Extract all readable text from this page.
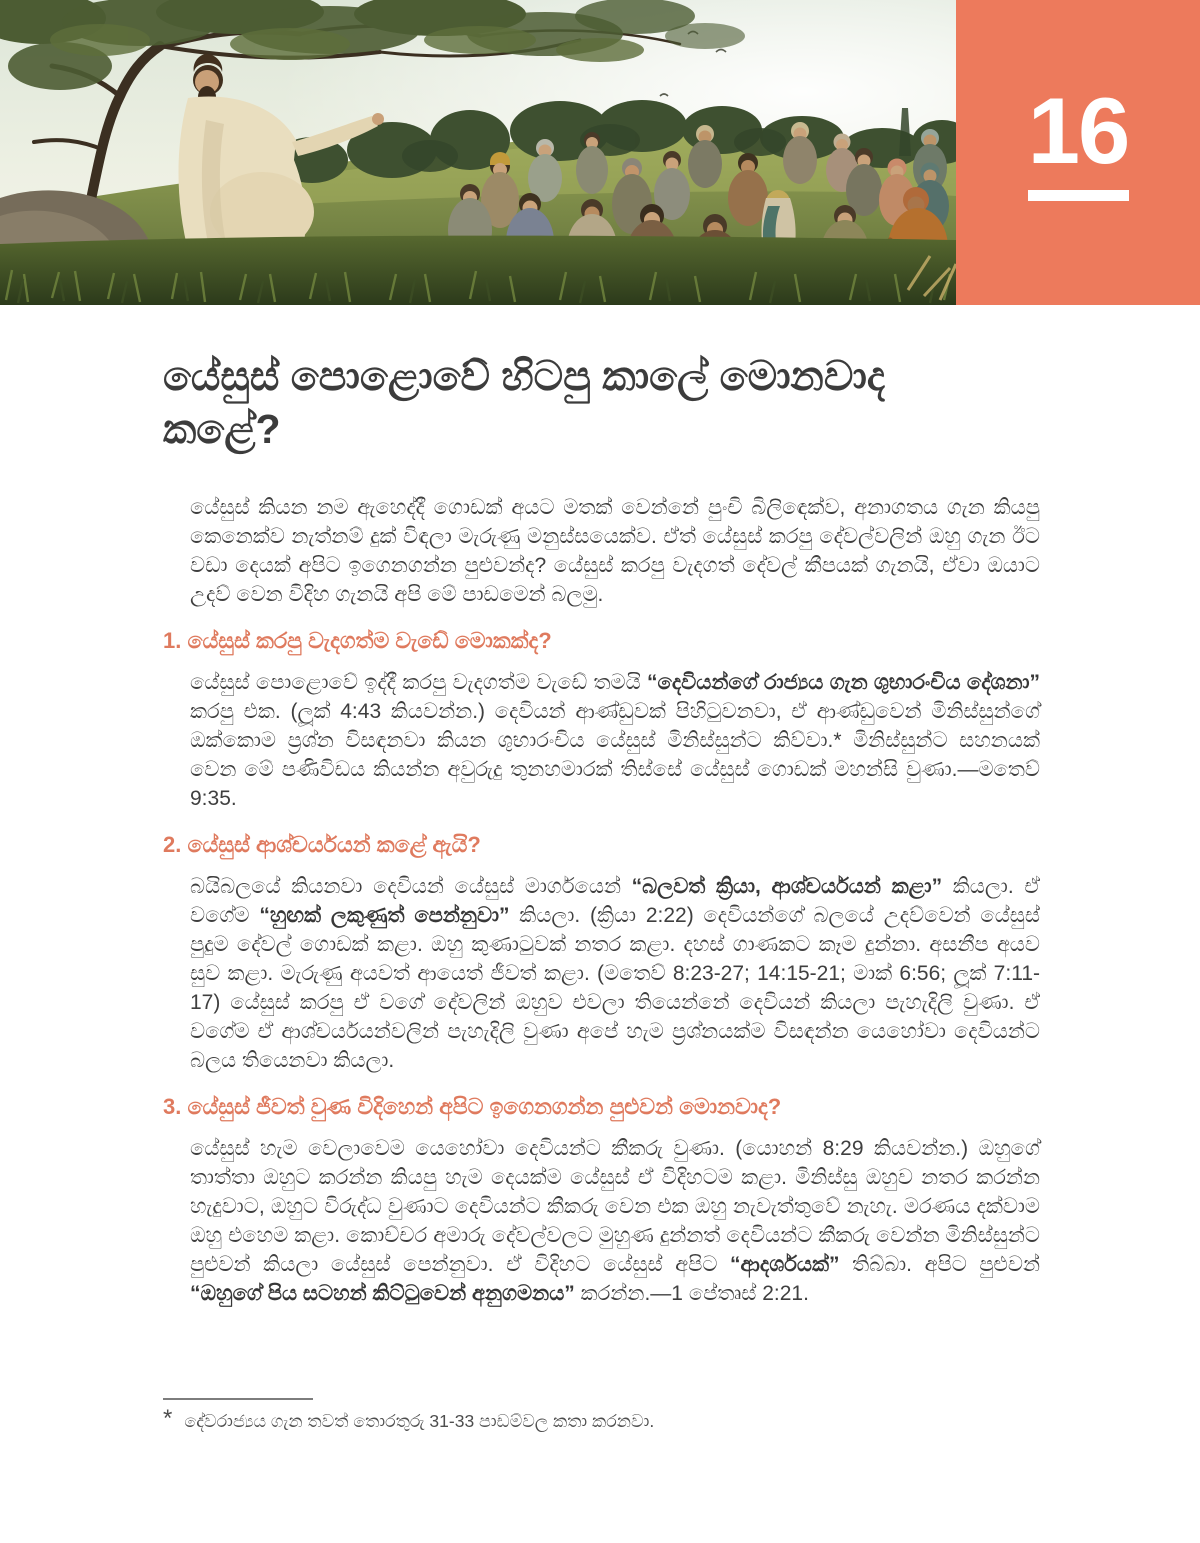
16
යේසුස් පොළොවේ හිටපු කාලේ මොනවාද කළේ?

යේසුස් කියන නම ඇහෙද්දී ගොඩක් අයට මතක් වෙන්නේ පුංචි බිලිඳෙක්ව, අනාගතය ගැන කියපු කෙනෙක්ව නැත්නම් දුක් විඳලා මැරුණු මනුස්සයෙක්ව. ඒත් යේසුස් කරපු දේවල්වලින් ඔහු ගැන ඊට වඩා දෙයක් අපිට ඉගෙනගන්න පුළුවන්ද? යේසුස් කරපු වැදගත් දේවල් කීපයක් ගැනයි, ඒවා ඔයාට උදව් වෙන විදිහ ගැනයි අපි මේ පාඩමෙන් බලමු.

1. යේසුස් කරපු වැදගත්ම වැඩේ මොකක්ද?

යේසුස් පොළොවේ ඉද්දී කරපු වැදගත්ම වැඩේ තමයි “දෙවියන්ගේ රාජ්‍යය ගැන ශුභාරංචිය දේශනා” කරපු එක. (ලූක් 4:43 කියවන්න.) දෙවියන් ආණ්ඩුවක් පිහිටුවනවා, ඒ ආණ්ඩුවෙන් මිනිස්සුන්ගේ ඔක්කොම ප්‍රශ්න විසඳනවා කියන ශුභාරංචිය යේසුස් මිනිස්සුන්ට කිව්වා.* මිනිස්සුන්ට සහනයක් වෙන මේ පණිවිඩය කියන්න අවුරුදු තුනහමාරක් තිස්සේ යේසුස් ගොඩක් මහන්සි වුණා.—මතෙව් 9:35.

2. යේසුස් ආශ්චර්යයන් කළේ ඇයි?

බයිබලයේ කියනවා දෙවියන් යේසුස් මාර්ගයෙන් “බලවත් ක්‍රියා, ආශ්චර්යයන් කළා” කියලා. ඒ වගේම “හුඟක් ලකුණුත් පෙන්නුවා” කියලා. (ක්‍රියා 2:22) දෙවියන්ගේ බලයේ උදව්වෙන් යේසුස් පුදුම දේවල් ගොඩක් කළා. ඔහු කුණාටුවක් නතර කළා. දහස් ගාණකට කෑම දුන්නා. අසනීප අයව සුව කළා. මැරුණු අයවත් ආයෙත් ජීවත් කළා. (මතෙව් 8:23-27; 14:15-21; මාක් 6:56; ලූක් 7:11-17) යේසුස් කරපු ඒ වගේ දේවලින් ඔහුව එවලා තියෙන්නේ දෙවියන් කියලා පැහැදිලි වුණා. ඒ වගේම ඒ ආශ්චර්යයන්වලින් පැහැදිලි වුණා අපේ හැම ප්‍රශ්නයක්ම විසඳන්න යෙහෝවා දෙවියන්ට බලය තියෙනවා කියලා.

3. යේසුස් ජීවත් වුණ විදිහෙන් අපිට ඉගෙනගන්න පුළුවන් මොනවාද?

යේසුස් හැම වෙලාවෙම යෙහෝවා දෙවියන්ට කීකරු වුණා. (යොහන් 8:29 කියවන්න.) ඔහුගේ තාත්තා ඔහුට කරන්න කියපු හැම දෙයක්ම යේසුස් ඒ විදිහටම කළා. මිනිස්සු ඔහුව නතර කරන්න හැදුවාට, ඔහුට විරුද්ධ වුණාට දෙවියන්ට කීකරු වෙන එක ඔහු නැවැත්තුවේ නැහැ. මරණය දක්වාම ඔහු එහෙම කළා. කොච්චර අමාරු දේවල්වලට මුහුණ දුන්නත් දෙවියන්ට කීකරු වෙන්න මිනිස්සුන්ට පුළුවන් කියලා යේසුස් පෙන්නුවා. ඒ විදිහට යේසුස් අපිට “ආදර්ශයක්” තිබ්බා. අපිට පුළුවන් “ඔහුගේ පිය සටහන් කිට්ටුවෙන් අනුගමනය” කරන්න.—1 පේතෘස් 2:21.

* දේවරාජ්‍යය ගැන තවත් තොරතුරු 31-33 පාඩම්වල කතා කරනවා.
